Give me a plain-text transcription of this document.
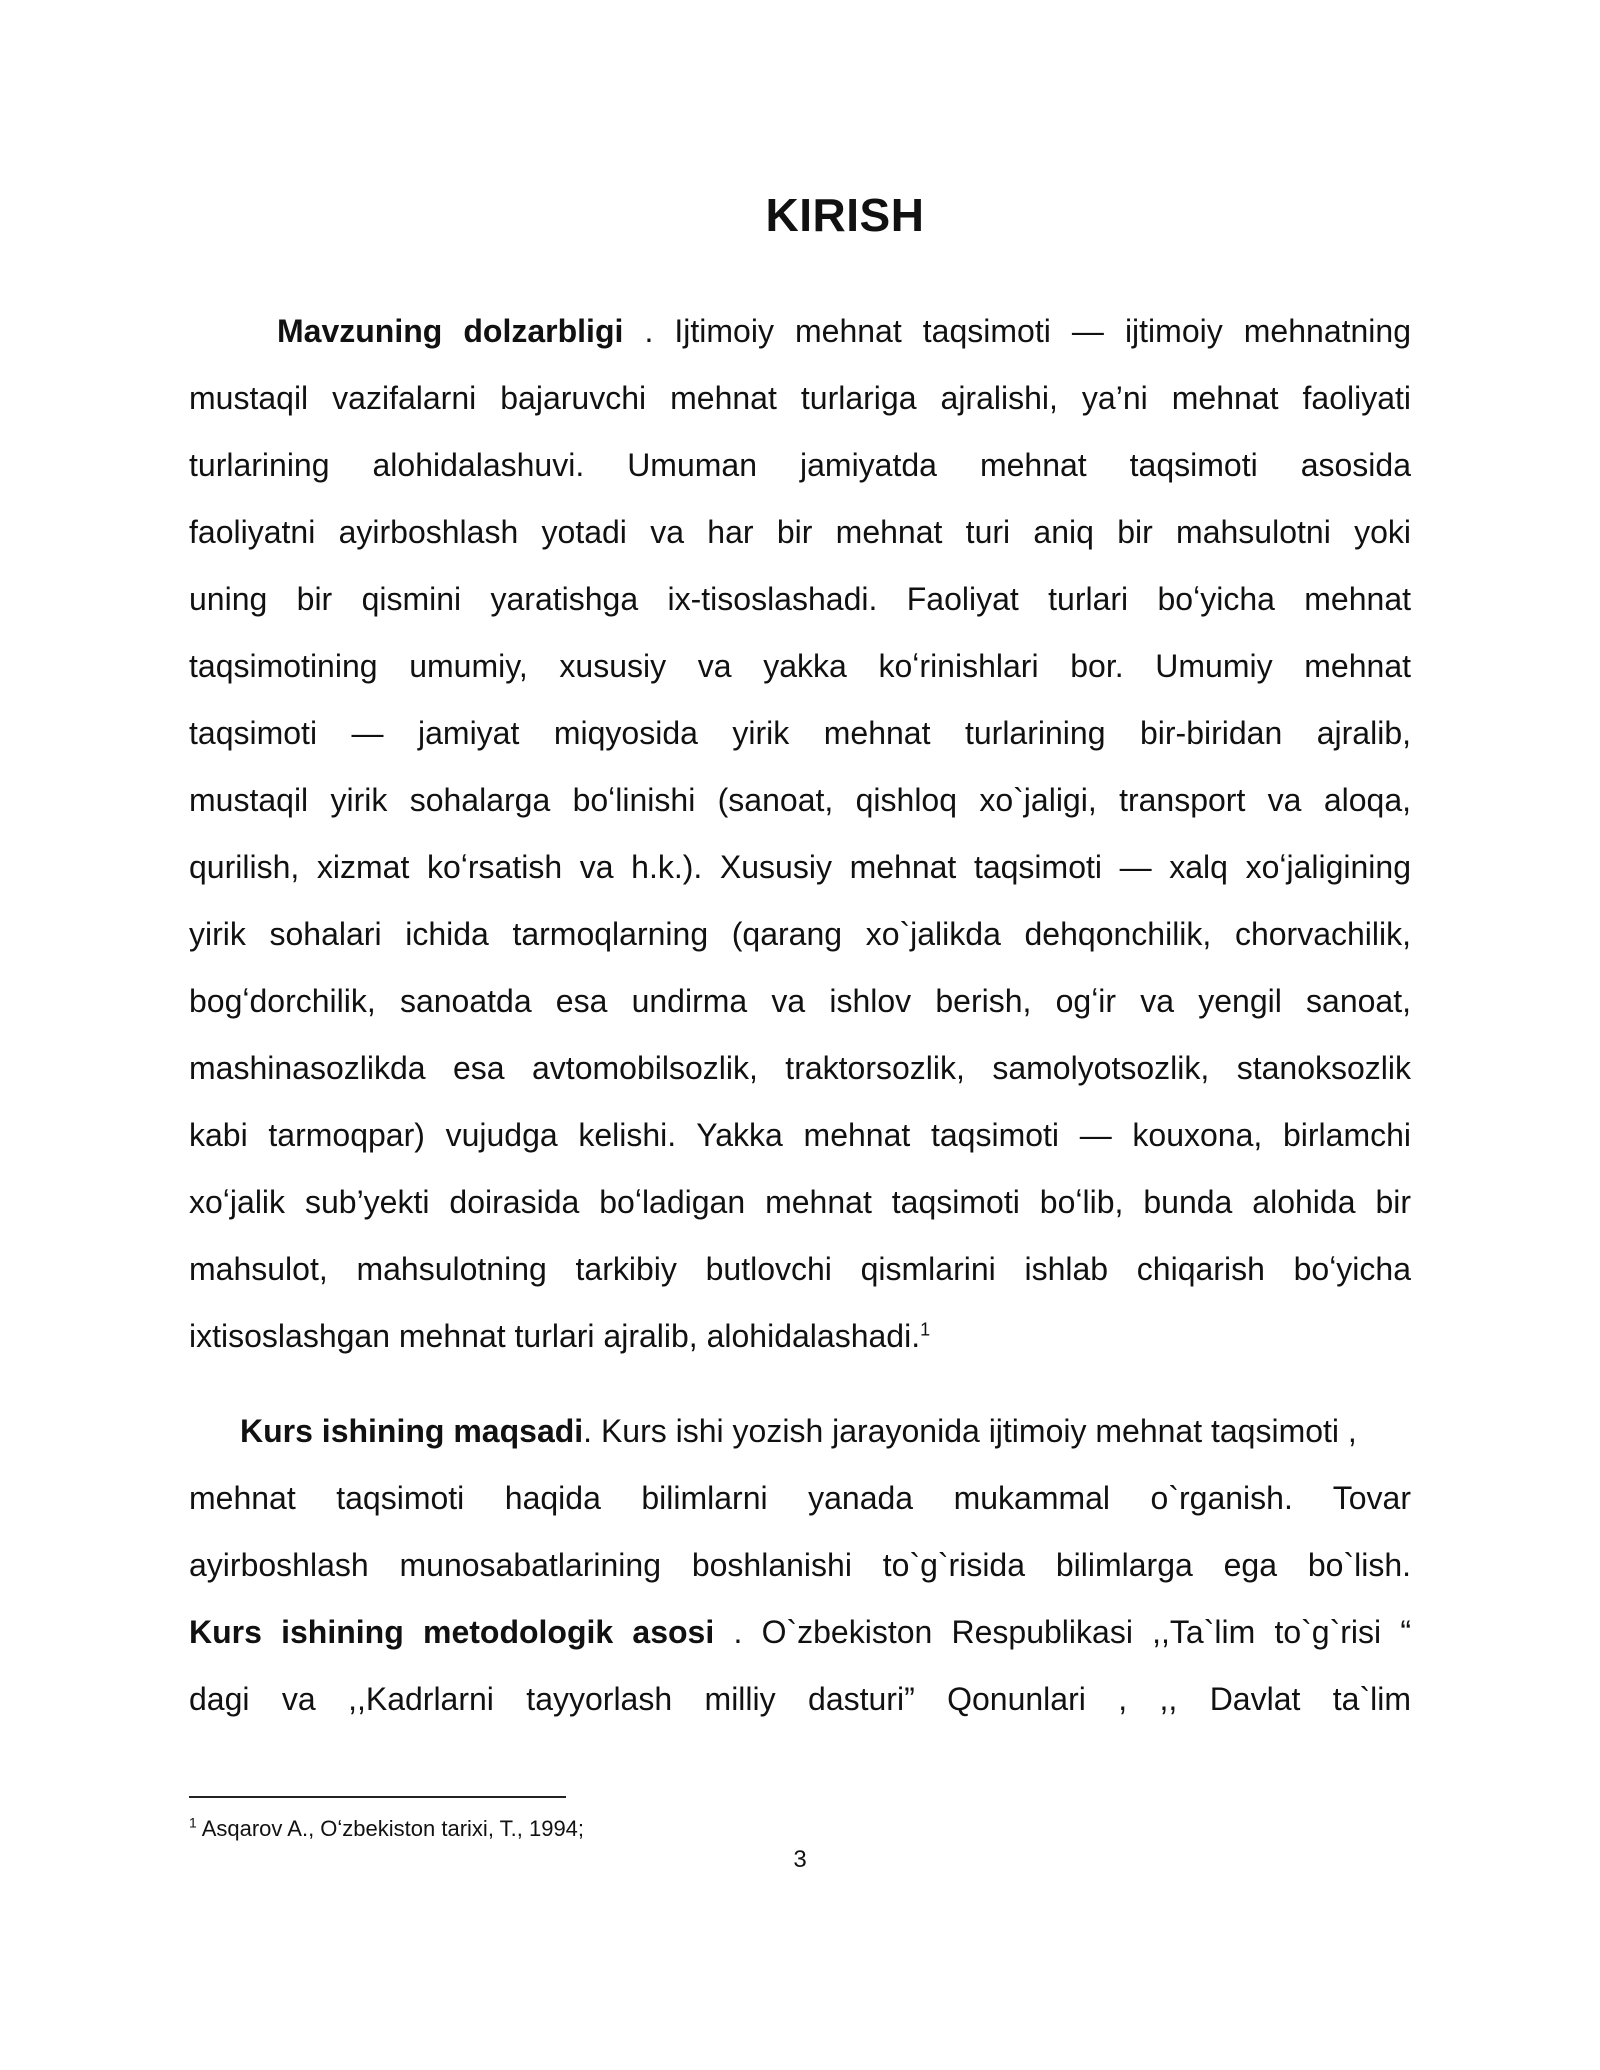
KIRISH
Mavzuning dolzarbligi . Ijtimoiy mehnat taqsimoti — ijtimoiy mehnatning
mustaqil vazifalarni bajaruvchi mehnat turlariga ajralishi, ya’ni mehnat faoliyati
turlarining alohidalashuvi. Umuman jamiyatda mehnat taqsimoti asosida
faoliyatni ayirboshlash yotadi va har bir mehnat turi aniq bir mahsulotni yoki
uning bir qismini yaratishga ix-tisoslashadi. Faoliyat turlari boʻyicha mehnat
taqsimotining umumiy, xususiy va yakka koʻrinishlari bor. Umumiy mehnat
taqsimoti — jamiyat miqyosida yirik mehnat turlarining bir-biridan ajralib,
mustaqil yirik sohalarga boʻlinishi (sanoat, qishloq xo`jaligi, transport va aloqa,
qurilish, xizmat koʻrsatish va h.k.). Xususiy mehnat taqsimoti — xalq xoʻjaligining
yirik sohalari ichida tarmoqlarning (qarang xo`jalikda dehqonchilik, chorvachilik,
bogʻdorchilik, sanoatda esa undirma va ishlov berish, ogʻir va yengil sanoat,
mashinasozlikda esa avtomobilsozlik, traktorsozlik, samolyotsozlik, stanoksozlik
kabi tarmoqpar) vujudga kelishi. Yakka mehnat taqsimoti — kouxona, birlamchi
xoʻjalik sub’yekti doirasida boʻladigan mehnat taqsimoti boʻlib, bunda alohida bir
mahsulot, mahsulotning tarkibiy butlovchi qismlarini ishlab chiqarish boʻyicha
ixtisoslashgan mehnat turlari ajralib, alohidalashadi.$^1$
Kurs ishining maqsadi. Kurs ishi yozish jarayonida ijtimoiy mehnat taqsimoti ,
mehnat taqsimoti haqida bilimlarni yanada mukammal o`rganish. Tovar
ayirboshlash munosabatlarining boshlanishi to`g`risida bilimlarga ega bo`lish.
Kurs ishining metodologik asosi . O`zbekiston Respublikasi ,,Ta`lim to`g`risi “
dagi va ,,Kadrlarni tayyorlash milliy dasturi” Qonunlari , ,, Davlat ta`lim
$^1$ Asqarov A., Oʻzbekiston tarixi, T., 1994;
3
